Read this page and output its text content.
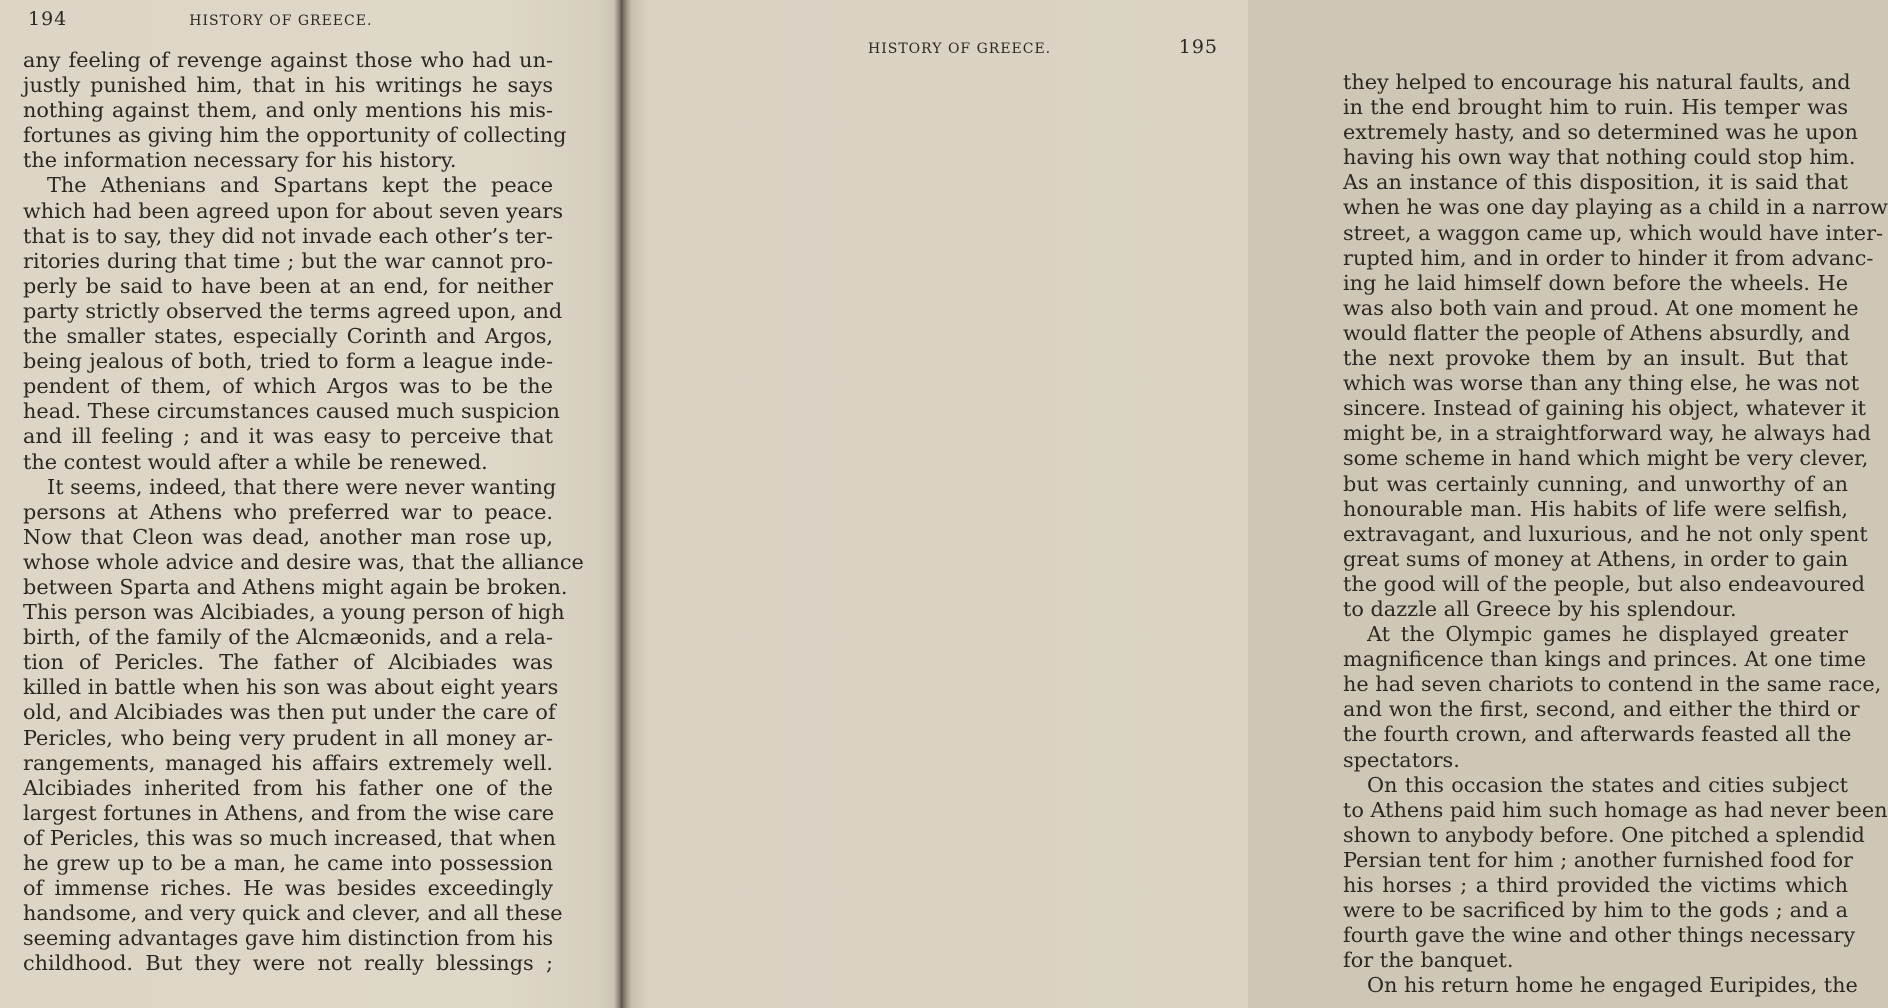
194	HISTORY OF GREECE.
any feeling of revenge against those who had un-
justly punished him, that in his writings he says
nothing against them, and only mentions his mis-
fortunes as giving him the opportunity of collecting
the information necessary for his history.
The Athenians and Spartans kept the peace
which had been agreed upon for about seven years
that is to say, they did not invade each other’s ter-
ritories during that time ; but the war cannot pro-
perly be said to have been at an end, for neither
party strictly observed the terms agreed upon, and
the smaller states, especially Corinth and Argos,
being jealous of both, tried to form a league inde-
pendent of them, of which Argos was to be the
head. These circumstances caused much suspicion
and ill feeling ; and it was easy to perceive that
the contest would after a while be renewed.
It seems, indeed, that there were never wanting
persons at Athens who preferred war to peace.
Now that Cleon was dead, another man rose up,
whose whole advice and desire was, that the alliance
between Sparta and Athens might again be broken.
This person was Alcibiades, a young person of high
birth, of the family of the Alcmæonids, and a rela-
tion of Pericles. The father of Alcibiades was
killed in battle when his son was about eight years
old, and Alcibiades was then put under the care of
Pericles, who being very prudent in all money ar-
rangements, managed his affairs extremely well.
Alcibiades inherited from his father one of the
largest fortunes in Athens, and from the wise care
of Pericles, this was so much increased, that when
he grew up to be a man, he came into possession
of immense riches. He was besides exceedingly
handsome, and very quick and clever, and all these
seeming advantages gave him distinction from his
childhood. But they were not really blessings ;
HISTORY OF GREECE.	195
they helped to encourage his natural faults, and
in the end brought him to ruin. His temper was
extremely hasty, and so determined was he upon
having his own way that nothing could stop him.
As an instance of this disposition, it is said that
when he was one day playing as a child in a narrow
street, a waggon came up, which would have inter-
rupted him, and in order to hinder it from advanc-
ing he laid himself down before the wheels. He
was also both vain and proud. At one moment he
would flatter the people of Athens absurdly, and
the next provoke them by an insult. But that
which was worse than any thing else, he was not
sincere. Instead of gaining his object, whatever it
might be, in a straightforward way, he always had
some scheme in hand which might be very clever,
but was certainly cunning, and unworthy of an
honourable man. His habits of life were selfish,
extravagant, and luxurious, and he not only spent
great sums of money at Athens, in order to gain
the good will of the people, but also endeavoured
to dazzle all Greece by his splendour.
At the Olympic games he displayed greater
magnificence than kings and princes. At one time
he had seven chariots to contend in the same race,
and won the first, second, and either the third or
the fourth crown, and afterwards feasted all the
spectators.
On this occasion the states and cities subject
to Athens paid him such homage as had never been
shown to anybody before. One pitched a splendid
Persian tent for him ; another furnished food for
his horses ; a third provided the victims which
were to be sacrificed by him to the gods ; and a
fourth gave the wine and other things necessary
for the banquet.
On his return home he engaged Euripides, the
